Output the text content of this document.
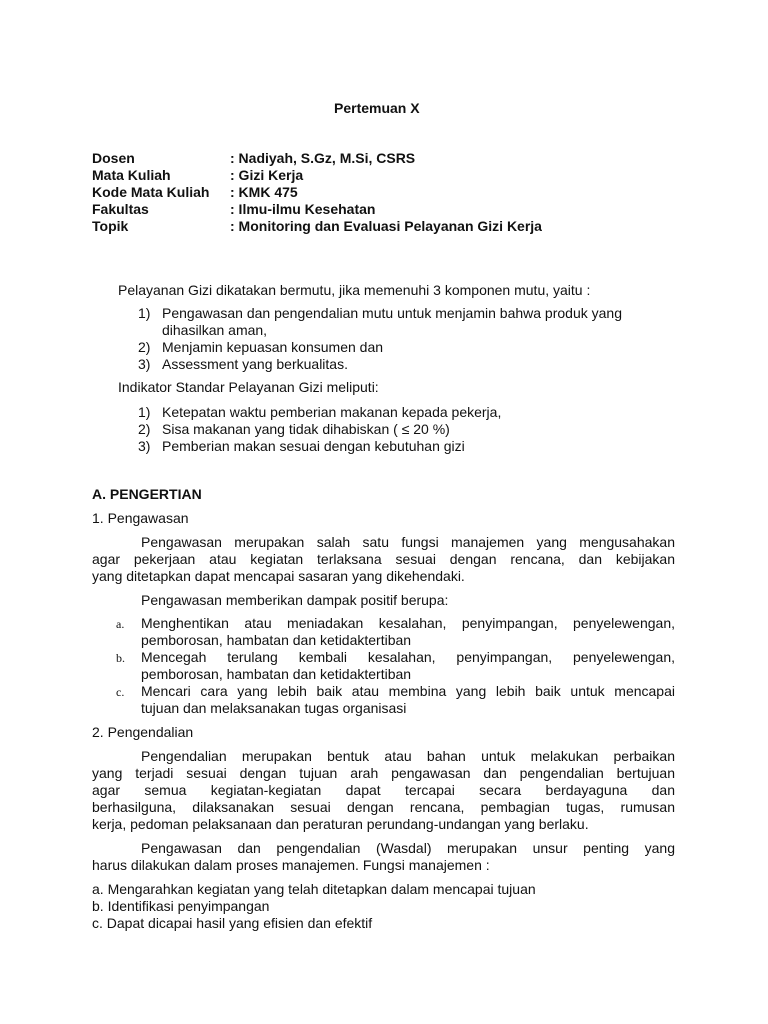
Pertemuan X
Dosen	: Nadiyah, S.Gz, M.Si, CSRS
Mata Kuliah	: Gizi Kerja
Kode Mata Kuliah : KMK 475
Fakultas	: Ilmu-ilmu Kesehatan
Topik	: Monitoring dan Evaluasi Pelayanan Gizi Kerja
Pelayanan Gizi dikatakan bermutu, jika memenuhi 3 komponen mutu, yaitu :
1) Pengawasan dan pengendalian mutu untuk menjamin bahwa produk yang
dihasilkan aman,
2) Menjamin kepuasan konsumen dan
3) Assessment yang berkualitas.
Indikator Standar Pelayanan Gizi meliputi:
1) Ketepatan waktu pemberian makanan kepada pekerja,
2) Sisa makanan yang tidak dihabiskan ( ≤ 20 %)
3) Pemberian makan sesuai dengan kebutuhan gizi
A. PENGERTIAN
1. Pengawasan
Pengawasan merupakan salah satu fungsi manajemen yang mengusahakan
agar pekerjaan atau kegiatan terlaksana sesuai dengan rencana, dan kebijakan
yang ditetapkan dapat mencapai sasaran yang dikehendaki.
Pengawasan memberikan dampak positif berupa:
a. Menghentikan atau meniadakan kesalahan, penyimpangan, penyelewengan,
pemborosan, hambatan dan ketidaktertiban
b. Mencegah terulang kembali kesalahan, penyimpangan, penyelewengan,
pemborosan, hambatan dan ketidaktertiban
c. Mencari cara yang lebih baik atau membina yang lebih baik untuk mencapai
tujuan dan melaksanakan tugas organisasi
2. Pengendalian
Pengendalian merupakan bentuk atau bahan untuk melakukan perbaikan
yang terjadi sesuai dengan tujuan arah pengawasan dan pengendalian bertujuan
agar semua kegiatan-kegiatan dapat tercapai secara berdayaguna dan
berhasilguna, dilaksanakan sesuai dengan rencana, pembagian tugas, rumusan
kerja, pedoman pelaksanaan dan peraturan perundang-undangan yang berlaku.
Pengawasan dan pengendalian (Wasdal) merupakan unsur penting yang
harus dilakukan dalam proses manajemen. Fungsi manajemen :
a. Mengarahkan kegiatan yang telah ditetapkan dalam mencapai tujuan
b. Identifikasi penyimpangan
c. Dapat dicapai hasil yang efisien dan efektif
